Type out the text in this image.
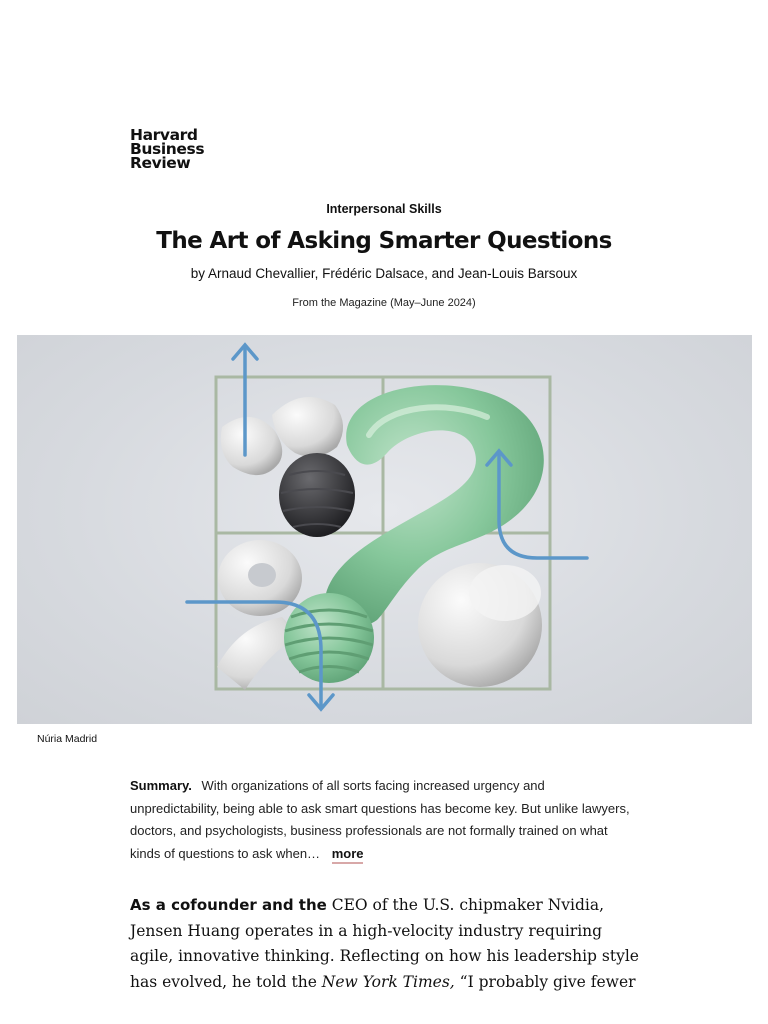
Harvard
Business
Review
Interpersonal Skills
The Art of Asking Smarter Questions
by Arnaud Chevallier, Frédéric Dalsace, and Jean-Louis Barsoux
From the Magazine (May–June 2024)
Núria Madrid
Summary. With organizations of all sorts facing increased urgency and unpredictability, being able to ask smart questions has become key. But unlike lawyers, doctors, and psychologists, business professionals are not formally trained on what kinds of questions to ask when… more
As a cofounder and the CEO of the U.S. chipmaker Nvidia, Jensen Huang operates in a high-velocity industry requiring agile, innovative thinking. Reflecting on how his leadership style has evolved, he told the New York Times, “I probably give fewer
